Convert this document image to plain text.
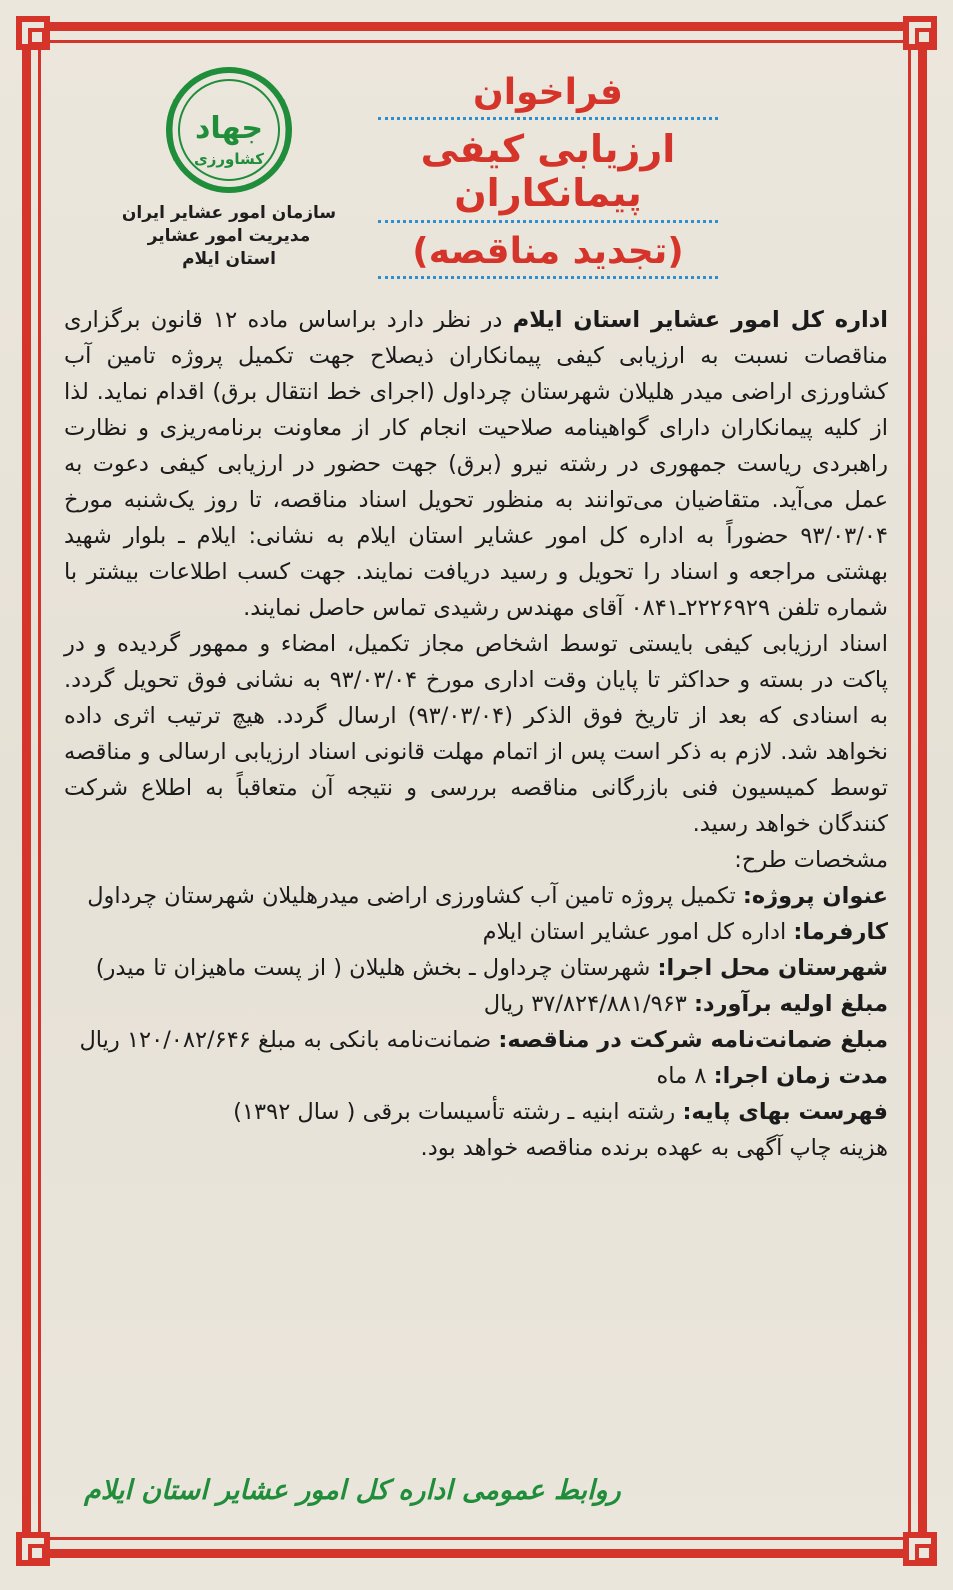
فراخوان

ارزیابی کیفی پیمانکاران

(تجدید مناقصه)

جهاد
کشاورزی

سازمان امور عشایر ایران

مدیریت امور عشایر

استان ایلام

اداره کل امور عشایر استان ایلام در نظر دارد براساس ماده ۱۲ قانون برگزاری مناقصات نسبت به ارزیابی کیفی پیمانکاران ذیصلاح جهت تکمیل پروژه تامین آب کشاورزی اراضی میدر هلیلان شهرستان چرداول (اجرای خط انتقال برق) اقدام نماید. لذا از کلیه پیمانکاران دارای گواهینامه صلاحیت انجام کار از معاونت برنامه‌ریزی و نظارت راهبردی ریاست جمهوری در رشته نیرو (برق) جهت حضور در ارزیابی کیفی دعوت به عمل می‌آید. متقاضیان می‌توانند به منظور تحویل اسناد مناقصه، تا روز یک‌شنبه مورخ ۹۳/۰۳/۰۴ حضوراً به اداره کل امور عشایر استان ایلام به نشانی: ایلام ـ بلوار شهید بهشتی مراجعه و اسناد را تحویل و رسید دریافت نمایند. جهت کسب اطلاعات بیشتر با شماره تلفن ۲۲۲۶۹۲۹ـ۰۸۴۱ آقای مهندس رشیدی تماس حاصل نمایند.

اسناد ارزیابی کیفی بایستی توسط اشخاص مجاز تکمیل، امضاء و ممهور گردیده و در پاکت در بسته و حداکثر تا پایان وقت اداری مورخ ۹۳/۰۳/۰۴ به نشانی فوق تحویل گردد. به اسنادی که بعد از تاریخ فوق الذکر (۹۳/۰۳/۰۴) ارسال گردد. هیچ ترتیب اثری داده نخواهد شد. لازم به ذکر است پس از اتمام مهلت قانونی اسناد ارزیابی ارسالی و مناقصه توسط کمیسیون فنی بازرگانی مناقصه بررسی و نتیجه آن متعاقباً به اطلاع شرکت کنندگان خواهد رسید.

مشخصات طرح:

عنوان پروژه: تکمیل پروژه تامین آب کشاورزی اراضی میدرهلیلان شهرستان چرداول

کارفرما: اداره کل امور عشایر استان ایلام

شهرستان محل اجرا: شهرستان چرداول ـ بخش هلیلان ( از پست ماهیزان تا میدر)

مبلغ اولیه برآورد: ۳۷/۸۲۴/۸۸۱/۹۶۳ ریال

مبلغ ضمانت‌نامه شرکت در مناقصه: ضمانت‌نامه بانکی به مبلغ ۱۲۰/۰۸۲/۶۴۶ ریال

مدت زمان اجرا: ۸ ماه

فهرست بهای پایه: رشته ابنیه ـ رشته تأسیسات برقی ( سال ۱۳۹۲)

هزینه چاپ آگهی به عهده برنده مناقصه خواهد بود.

روابط عمومی اداره کل امور عشایر استان ایلام
